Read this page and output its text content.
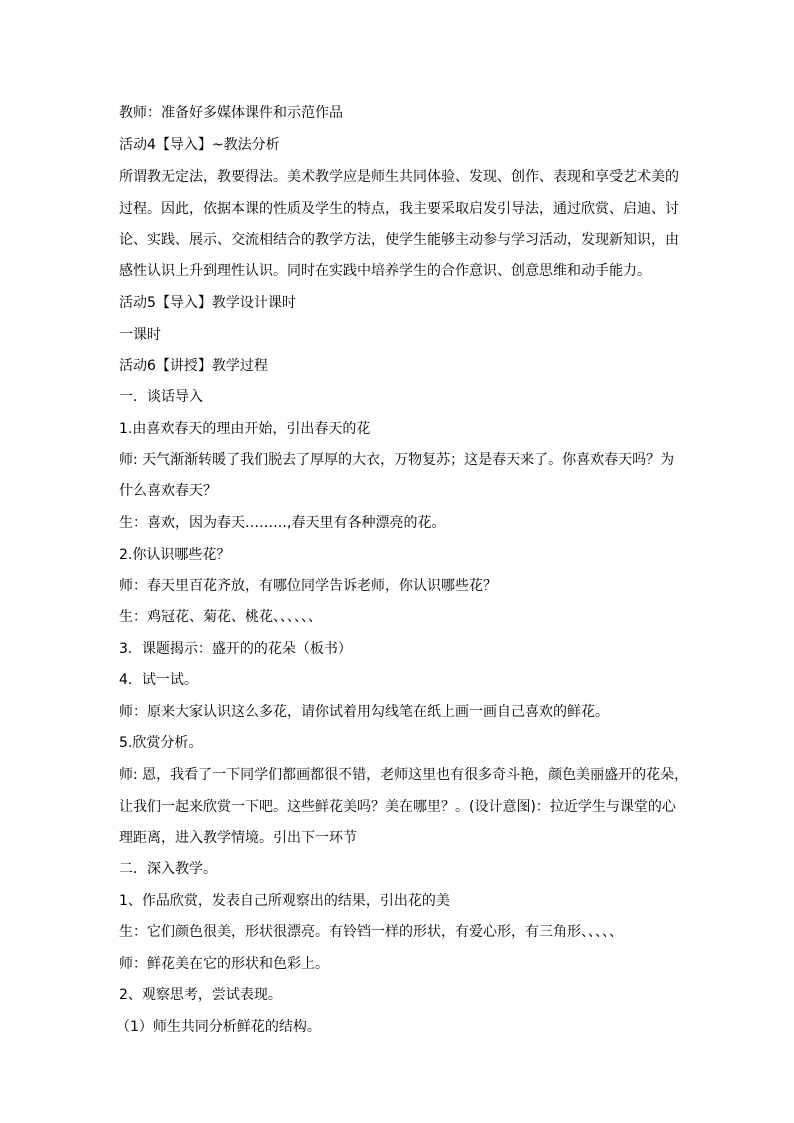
教师：准备好多媒体课件和示范作品
活动4【导入】~教法分析
所谓教无定法，教要得法。美术教学应是师生共同体验、发现、创作、表现和享受艺术美的
过程。因此，依据本课的性质及学生的特点，我主要采取启发引导法，通过欣赏、启迪、讨
论、实践、展示、交流相结合的教学方法，使学生能够主动参与学习活动，发现新知识，由
感性认识上升到理性认识。同时在实践中培养学生的合作意识、创意思维和动手能力。
活动5【导入】教学设计课时
一课时
活动6【讲授】教学过程
一．谈话导入
1.由喜欢春天的理由开始，引出春天的花
师: 天气渐渐转暖了我们脱去了厚厚的大衣，万物复苏；这是春天来了。你喜欢春天吗？为
什么喜欢春天？
生：喜欢，因为春天………,春天里有各种漂亮的花。
2.你认识哪些花？
师：春天里百花齐放，有哪位同学告诉老师，你认识哪些花？
生：鸡冠花、菊花、桃花、、、、、、
3．课题揭示：盛开的的花朵（板书）
4．试一试。
师：原来大家认识这么多花，请你试着用勾线笔在纸上画一画自己喜欢的鲜花。
5.欣赏分析。
师: 恩，我看了一下同学们都画都很不错，老师这里也有很多奇斗艳，颜色美丽盛开的花朵，
让我们一起来欣赏一下吧。这些鲜花美吗？美在哪里？。(设计意图)：拉近学生与课堂的心
理距离，进入教学情境。引出下一环节
二．深入教学。
1、作品欣赏，发表自己所观察出的结果，引出花的美
生：它们颜色很美，形状很漂亮。有铃铛一样的形状，有爱心形，有三角形、、、、、
师：鲜花美在它的形状和色彩上。
2、观察思考，尝试表现。
（1）师生共同分析鲜花的结构。
